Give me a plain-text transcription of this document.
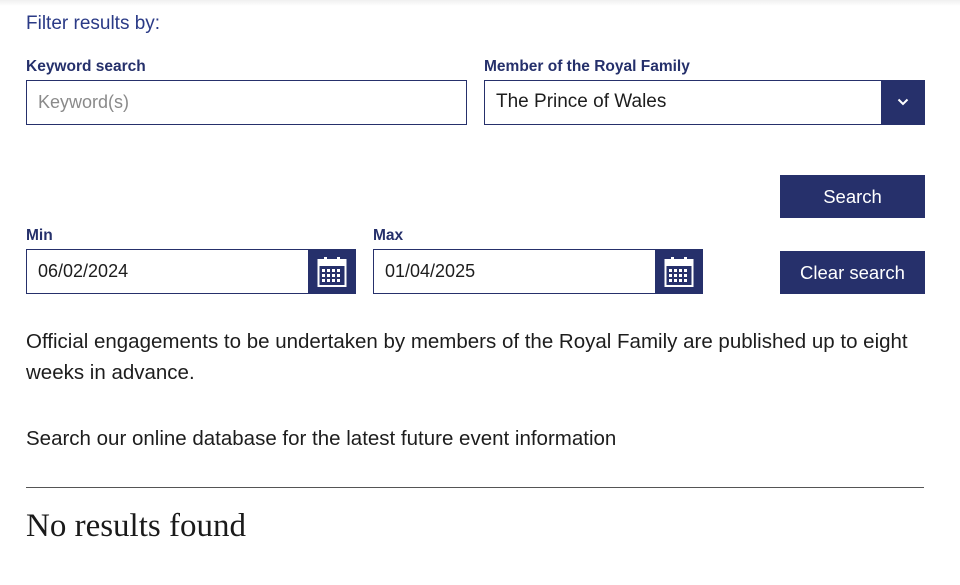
Filter results by:
Keyword search
Keyword(s)	Member of the Royal Family
The Prince of Wales
Search
Min
06/02/2024	Max
01/04/2025
Clear search
Official engagements to be undertaken by members of the Royal Family are published up to eight weeks in advance.
Search our online database for the latest future event information
No results found
